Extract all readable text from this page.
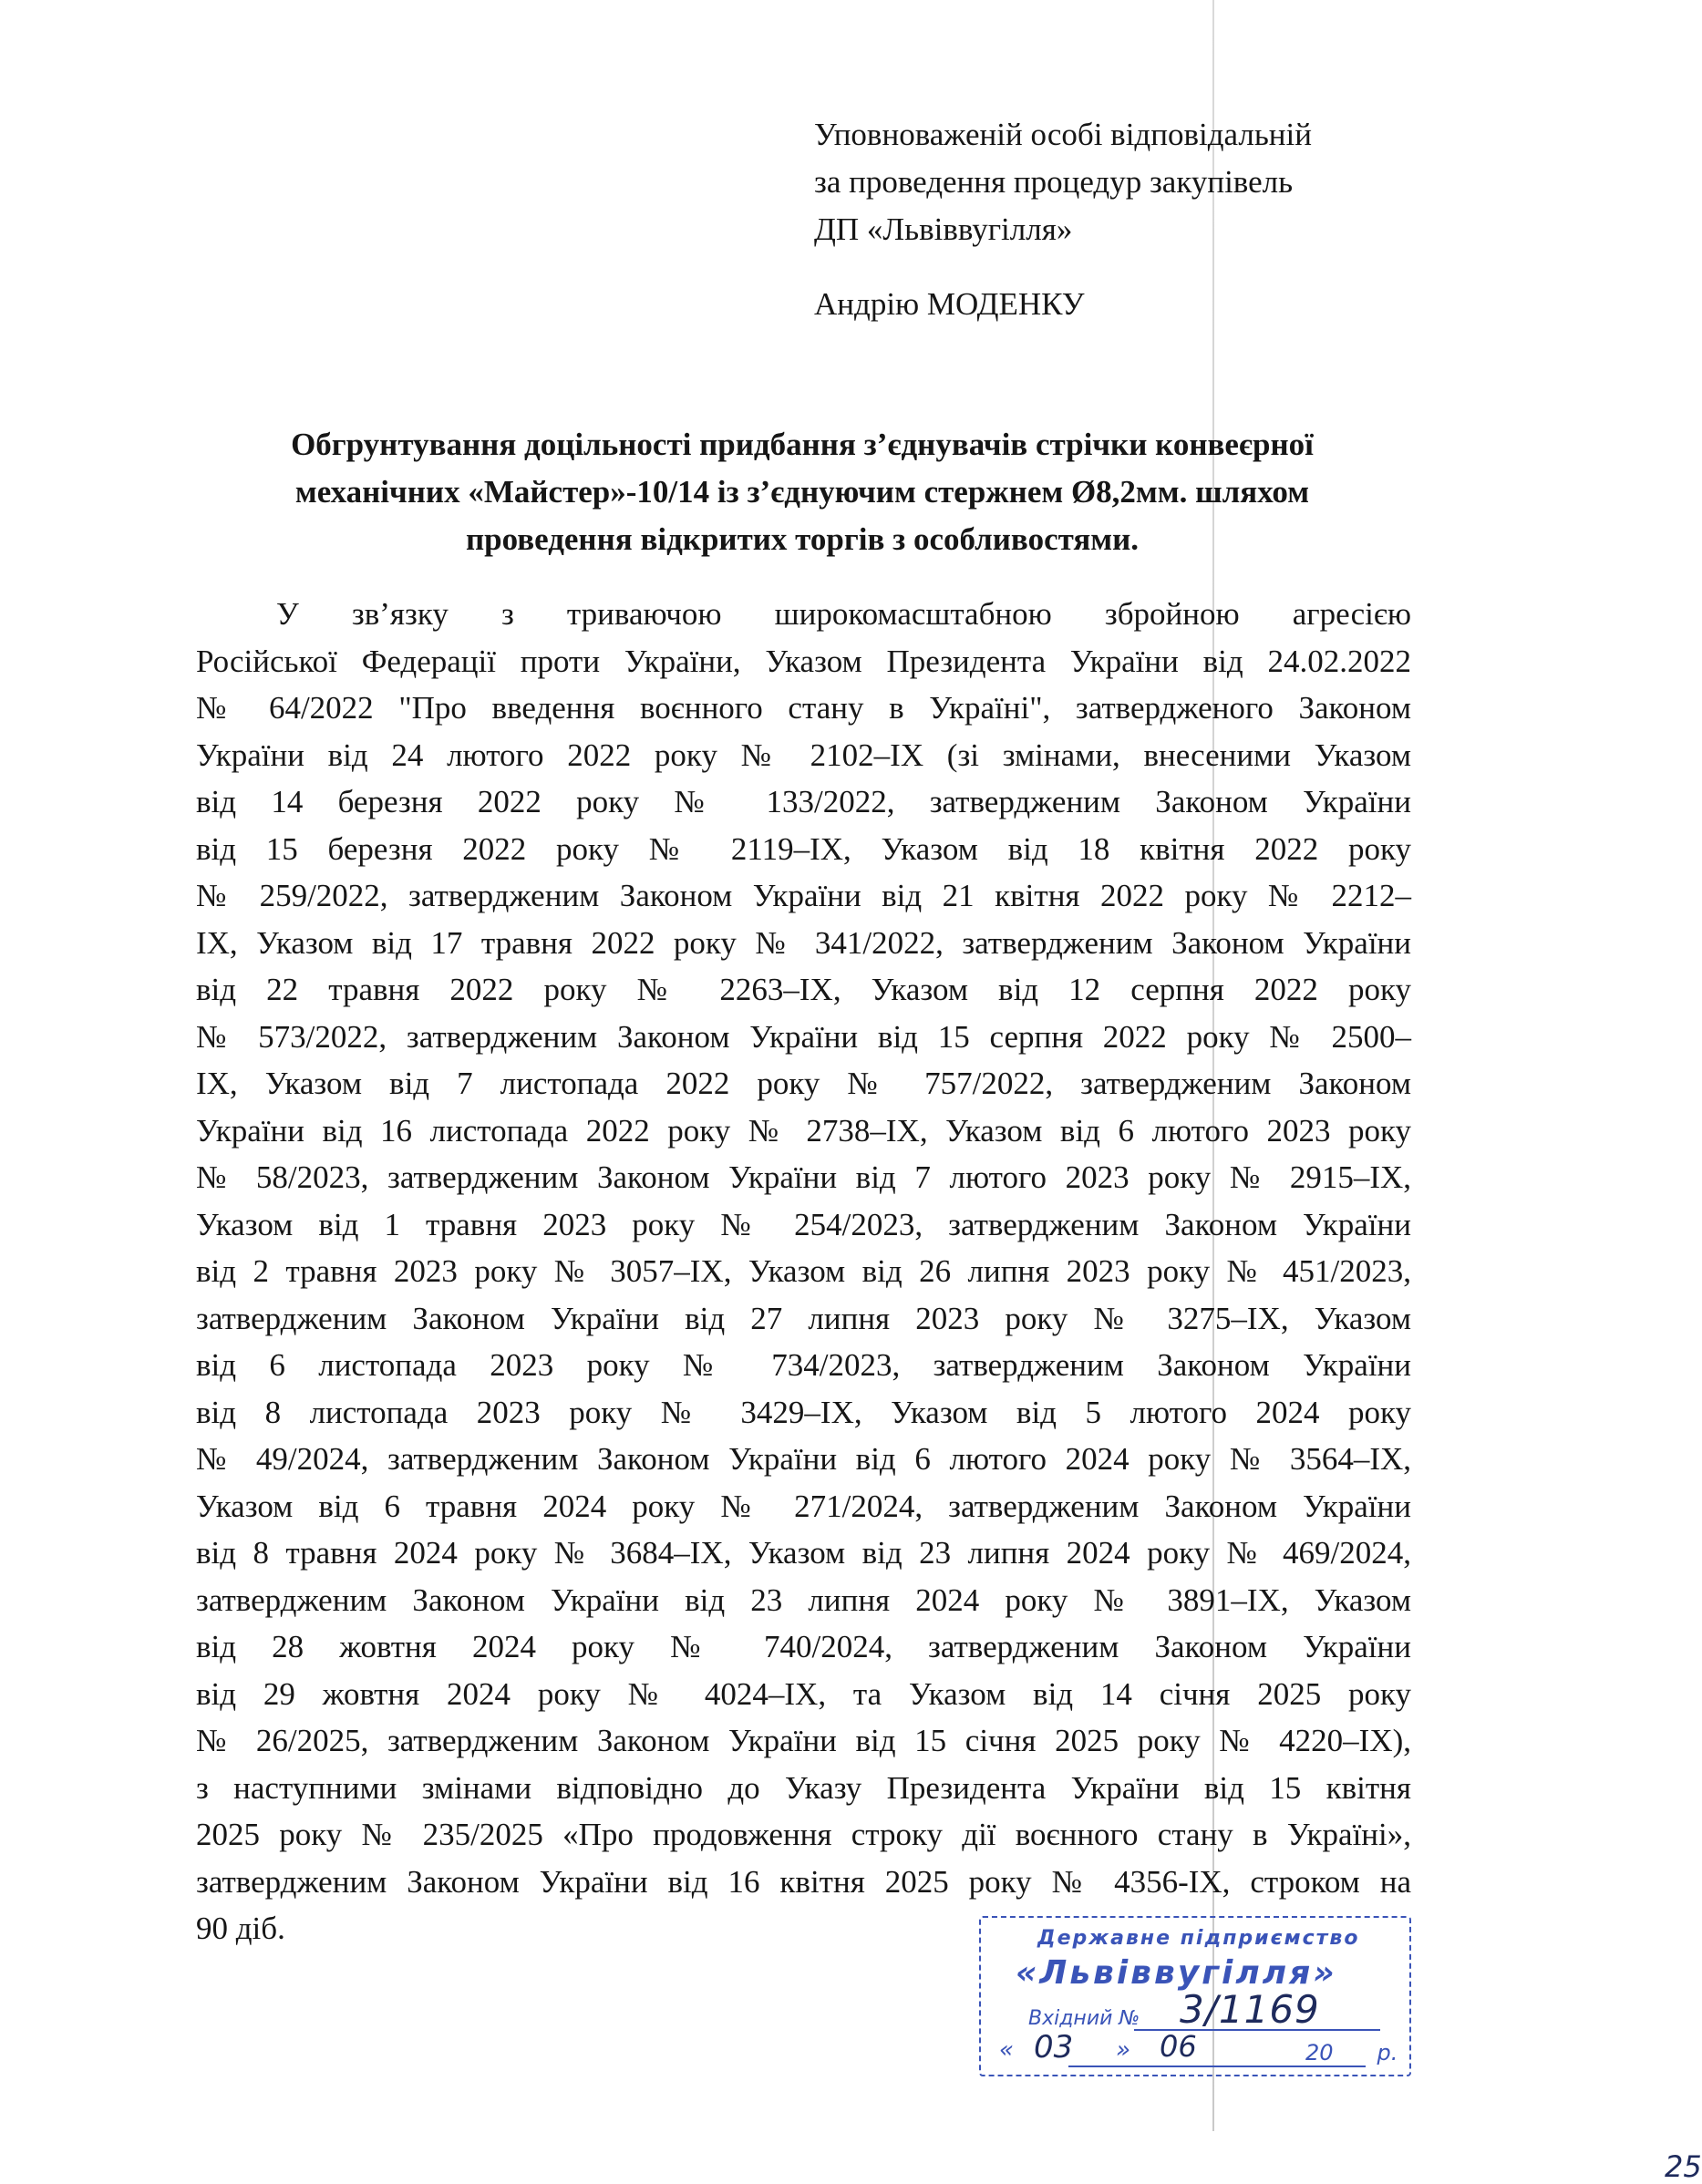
Уповноваженій особі відповідальній
за проведення процедур закупівель
ДП «Львіввугілля»
Андрію МОДЕНКУ
Обгрунтування доцільності придбання з’єднувачів стрічки конвеєрної
механічних «Майстер»-10/14 із з’єднуючим стержнем Ø8,2мм. шляхом
проведення відкритих торгів з особливостями.
У зв’язку з триваючою широкомасштабною збройною агресією
Російської Федерації проти України, Указом Президента України від 24.02.2022
№ 64/2022 "Про введення воєнного стану в Україні", затвердженого Законом
України від 24 лютого 2022 року № 2102–IX (зі змінами, внесеними Указом
від 14 березня 2022 року № 133/2022, затвердженим Законом України
від 15 березня 2022 року № 2119–IX, Указом від 18 квітня 2022 року
№ 259/2022, затвердженим Законом України від 21 квітня 2022 року № 2212–
IX, Указом від 17 травня 2022 року № 341/2022, затвердженим Законом України
від 22 травня 2022 року № 2263–IX, Указом від 12 серпня 2022 року
№ 573/2022, затвердженим Законом України від 15 серпня 2022 року № 2500–
IX, Указом від 7 листопада 2022 року № 757/2022, затвердженим Законом
України від 16 листопада 2022 року № 2738–IX, Указом від 6 лютого 2023 року
№ 58/2023, затвердженим Законом України від 7 лютого 2023 року № 2915–IX,
Указом від 1 травня 2023 року № 254/2023, затвердженим Законом України
від 2 травня 2023 року № 3057–IX, Указом від 26 липня 2023 року № 451/2023,
затвердженим Законом України від 27 липня 2023 року № 3275–IX, Указом
від 6 листопада 2023 року № 734/2023, затвердженим Законом України
від 8 листопада 2023 року № 3429–IX, Указом від 5 лютого 2024 року
№ 49/2024, затвердженим Законом України від 6 лютого 2024 року № 3564–IX,
Указом від 6 травня 2024 року № 271/2024, затвердженим Законом України
від 8 травня 2024 року № 3684–IX, Указом від 23 липня 2024 року № 469/2024,
затвердженим Законом України від 23 липня 2024 року № 3891–IX, Указом
від 28 жовтня 2024 року № 740/2024, затвердженим Законом України
від 29 жовтня 2024 року № 4024–IX, та Указом від 14 січня 2025 року
№ 26/2025, затвердженим Законом України від 15 січня 2025 року № 4220–IX),
з наступними змінами відповідно до Указу Президента України від 15 квітня
2025 року № 235/2025 «Про продовження строку дії воєнного стану в Україні»,
затвердженим Законом України від 16 квітня 2025 року № 4356-IX, строком на
90 діб.	Державне підприємство
«Львіввугілля»
Вхідний № 3/1169
« 03 » 06	20
25
р.
